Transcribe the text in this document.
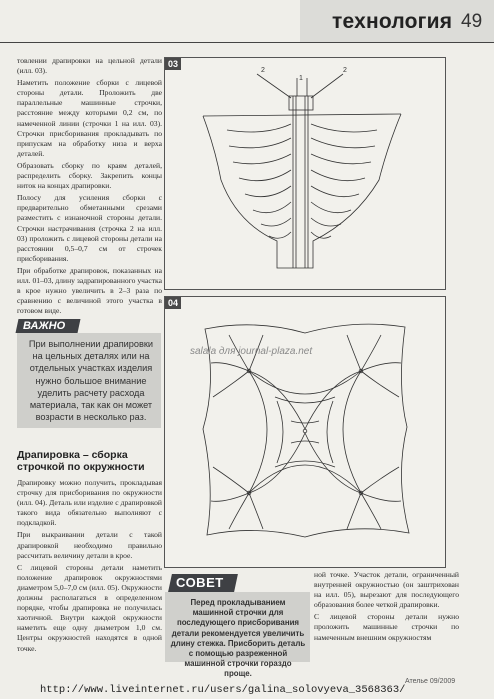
технология 49

товлении драпировки на цельной детали (илл. 03).

Наметить положение сборки с лицевой стороны детали. Проложить две параллельные машинные строчки, расстояние между которыми 0,2 см, по намеченной линии (строчки 1 на илл. 03). Строчки присборивания прокладывать по припускам на обработку низа и верха деталей.

Образовать сборку по краям деталей, распределить сборку. Закрепить концы ниток на концах драпировки.

Полосу для усиления сборки с предварительно обметанными срезами разместить с изнаночной стороны детали. Строчки настрачивания (строчка 2 на илл. 03) проложить с лицевой стороны детали на расстоянии 0,5–0,7 см от строчек присборивания.

При обработке драпировок, показанных на илл. 01–03, длину задрапированного участка в крое нужно увеличить в 2–3 раза по сравнению с величиной этого участка в готовом виде.

ВАЖНО
При выполнении драпировки на цельных деталях или на отдельных участках изделия нужно большое внимание уделить расчету расхода материала, так как он может возрасти в несколько раз.
Драпировка – сборка строчкой по окружности

Драпировку можно получить, прокладывая строчку для присборивания по окружности (илл. 04). Деталь или изделие с драпировкой такого вида обязательно выполняют с подкладкой.

При выкраивании детали с такой драпировкой необходимо правильно рассчитать величину детали в крое.

С лицевой стороны детали наметить положение драпировок окружностями диаметром 5,0–7,0 см (илл. 05). Окружности должны располагаться в определенном порядке, чтобы драпировка не получилась хаотичной. Внутри каждой окружности наметить еще одну диаметром 1,0 см. Центры окружностей находятся в одной точке.

03
2
1
2
04
salala для journal-plaza.net
СОВЕТ
Перед прокладыванием машинной строчки для последующего присборивания детали рекомендуется увеличить длину стежка. Присборить деталь с помощью разреженной машинной строчки гораздо проще.

ной точке. Участок детали, ограниченный внутренней окружностью (он заштрихован на илл. 05), вырезают для последующего образования более четкой драпировки.

С лицевой стороны детали нужно проложить машинные строчки по намеченным внешним окружностям

Ателье 09/2009
http://www.liveinternet.ru/users/galina_solovyeva_3568363/
